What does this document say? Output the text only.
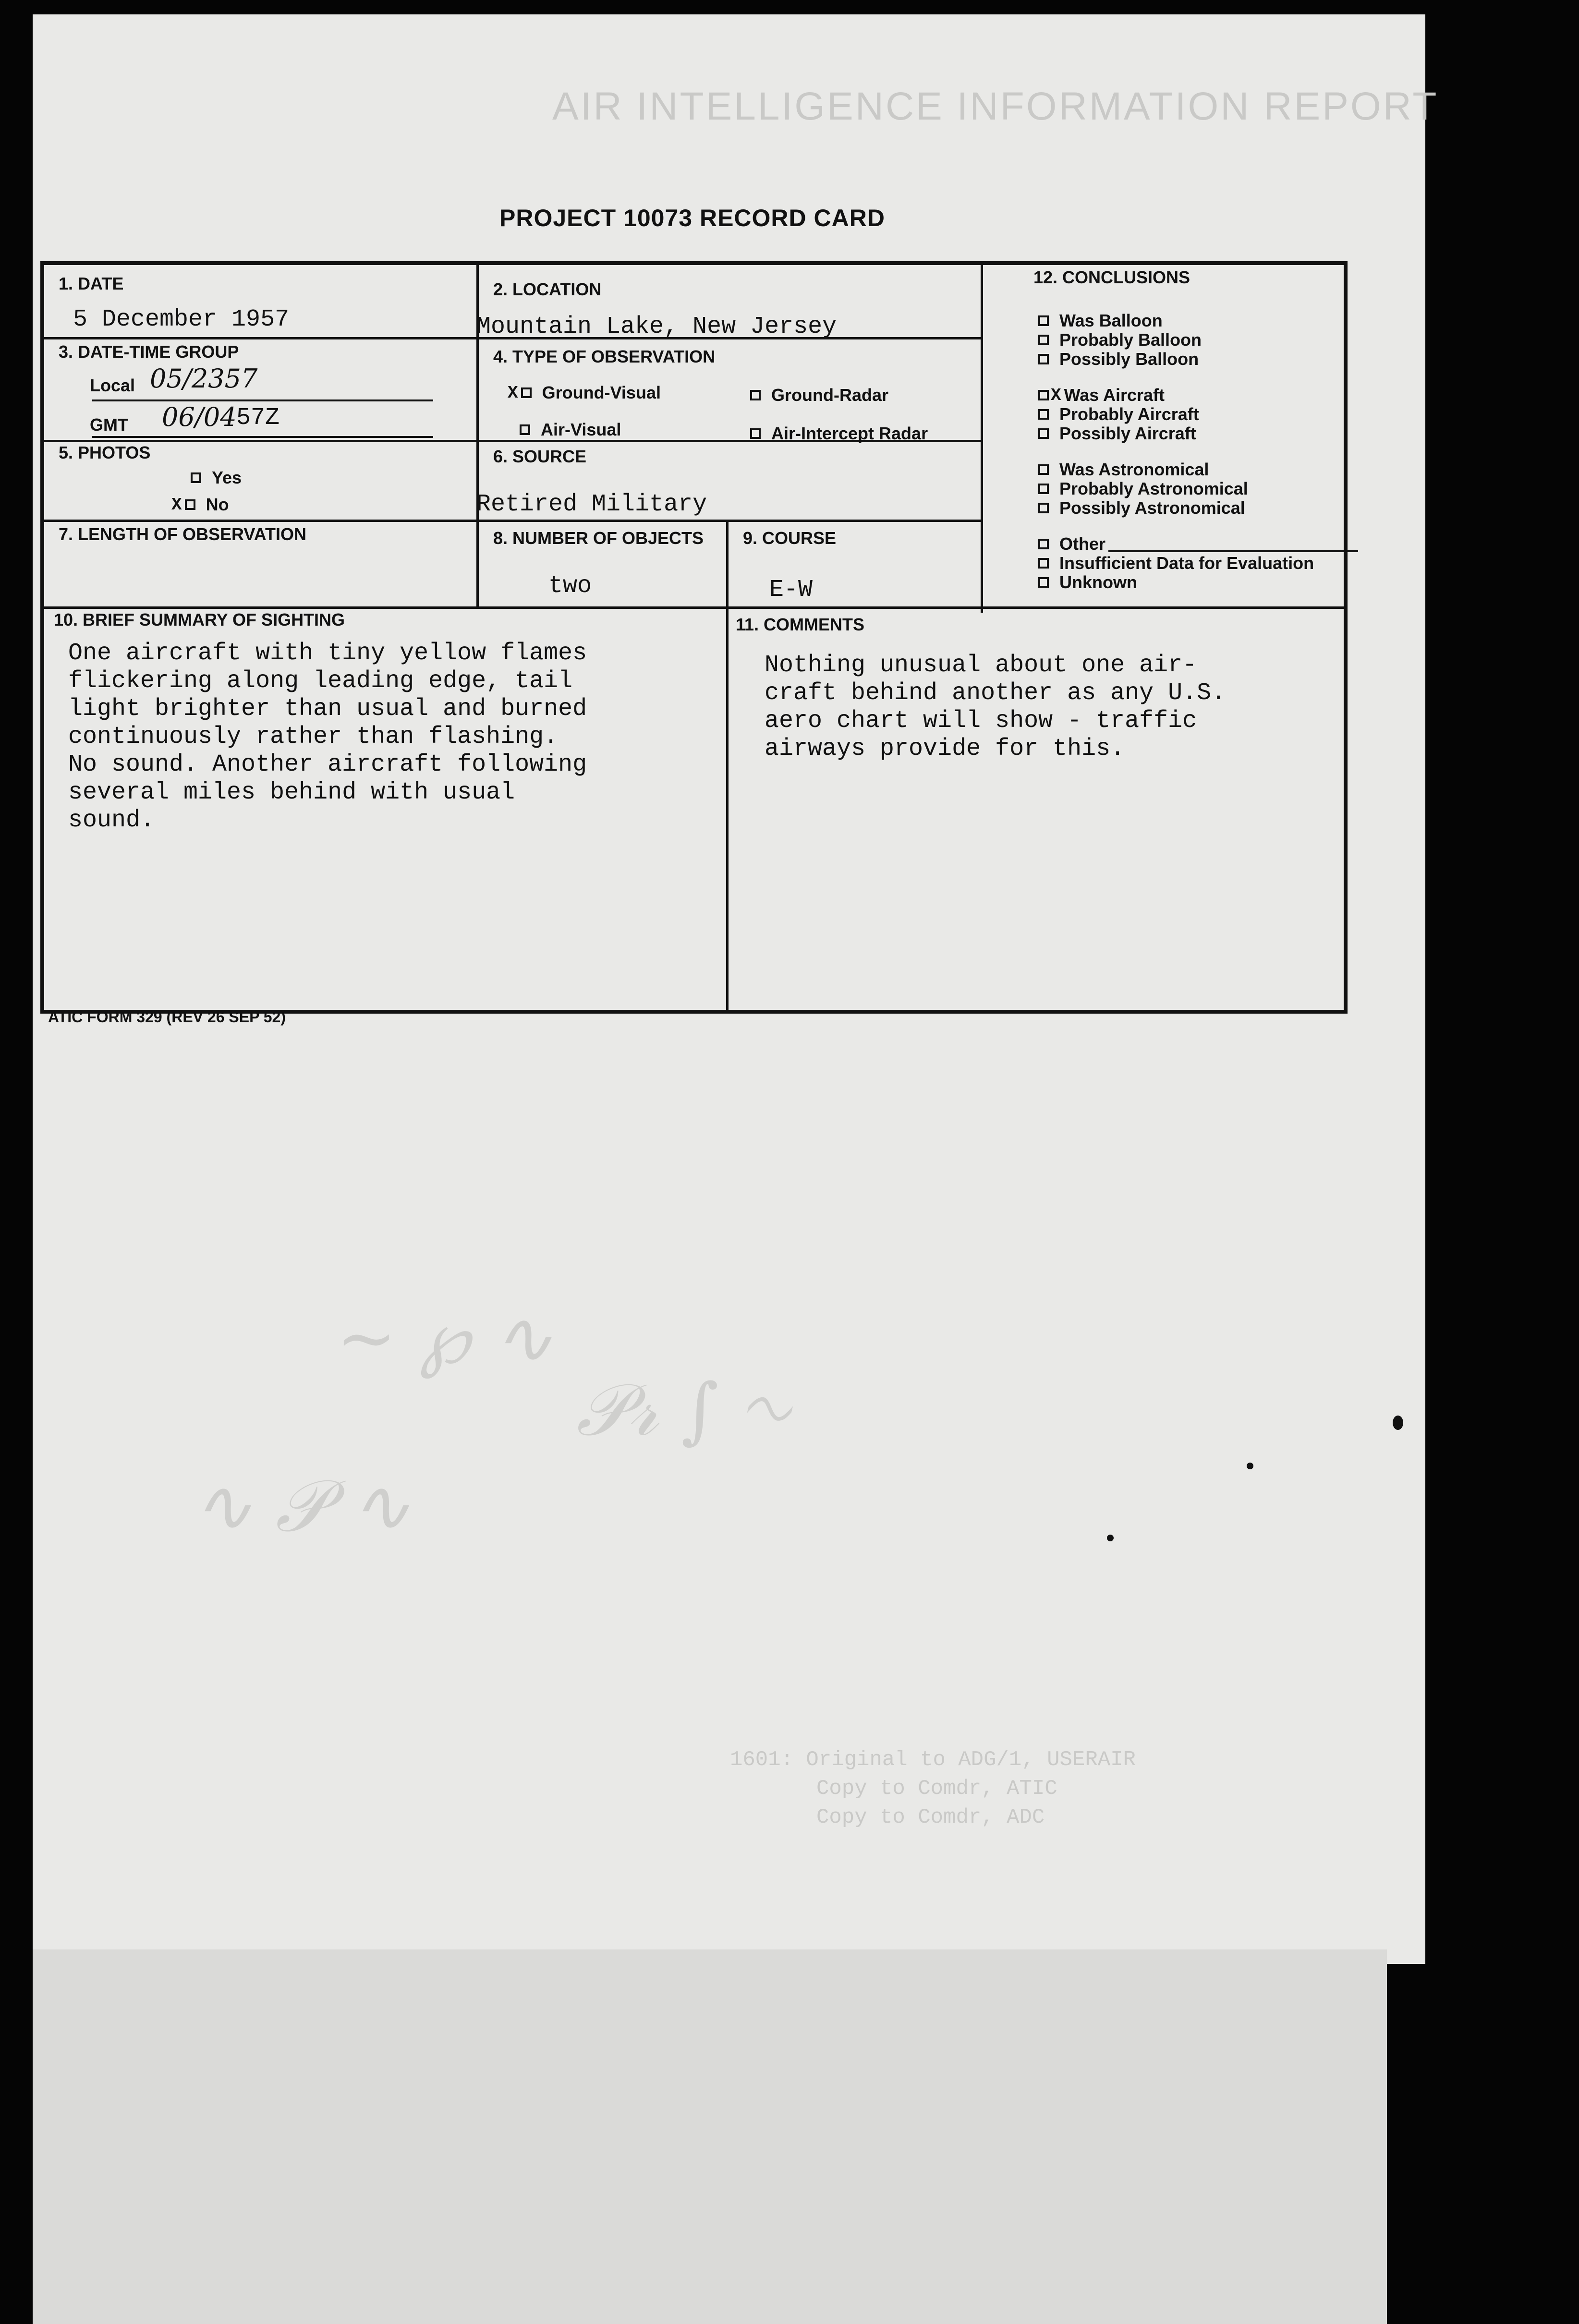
AIR INTELLIGENCE INFORMATION REPORT
1601: Original to ADG/1, USERAIR
Copy to Comdr, ATIC
Copy to Comdr, ADC
~ ℘ ∿
𝒫𝓇 ∫ ∿
∿ 𝒫 ∿
PROJECT 10073 RECORD CARD
1. DATE
5 December 1957
2. LOCATION
Mountain Lake, New Jersey
3. DATE-TIME GROUP
Local 05/2357
GMT 06/04 57Z
4. TYPE OF OBSERVATION
X Ground-Visual	Ground-Radar
Air-Visual	Air-Intercept Radar
5. PHOTOS
Yes
X No
6. SOURCE
Retired Military
7. LENGTH OF OBSERVATION	8. NUMBER OF OBJECTS
two
9. COURSE
E-W
10. BRIEF SUMMARY OF SIGHTING
One aircraft with tiny yellow flames
flickering along leading edge, tail
light brighter than usual and burned
continuously rather than flashing.
No sound. Another aircraft following
several miles behind with usual
sound.
11. COMMENTS
Nothing unusual about one air-
craft behind another as any U.S.
aero chart will show - traffic
airways provide for this.
12. CONCLUSIONS
Was Balloon
Probably Balloon
Possibly Balloon
X Was Aircraft
Probably Aircraft
Possibly Aircraft
Was Astronomical
Probably Astronomical
Possibly Astronomical
Other
Insufficient Data for Evaluation
Unknown
ATIC FORM 329 (REV 26 SEP 52)
